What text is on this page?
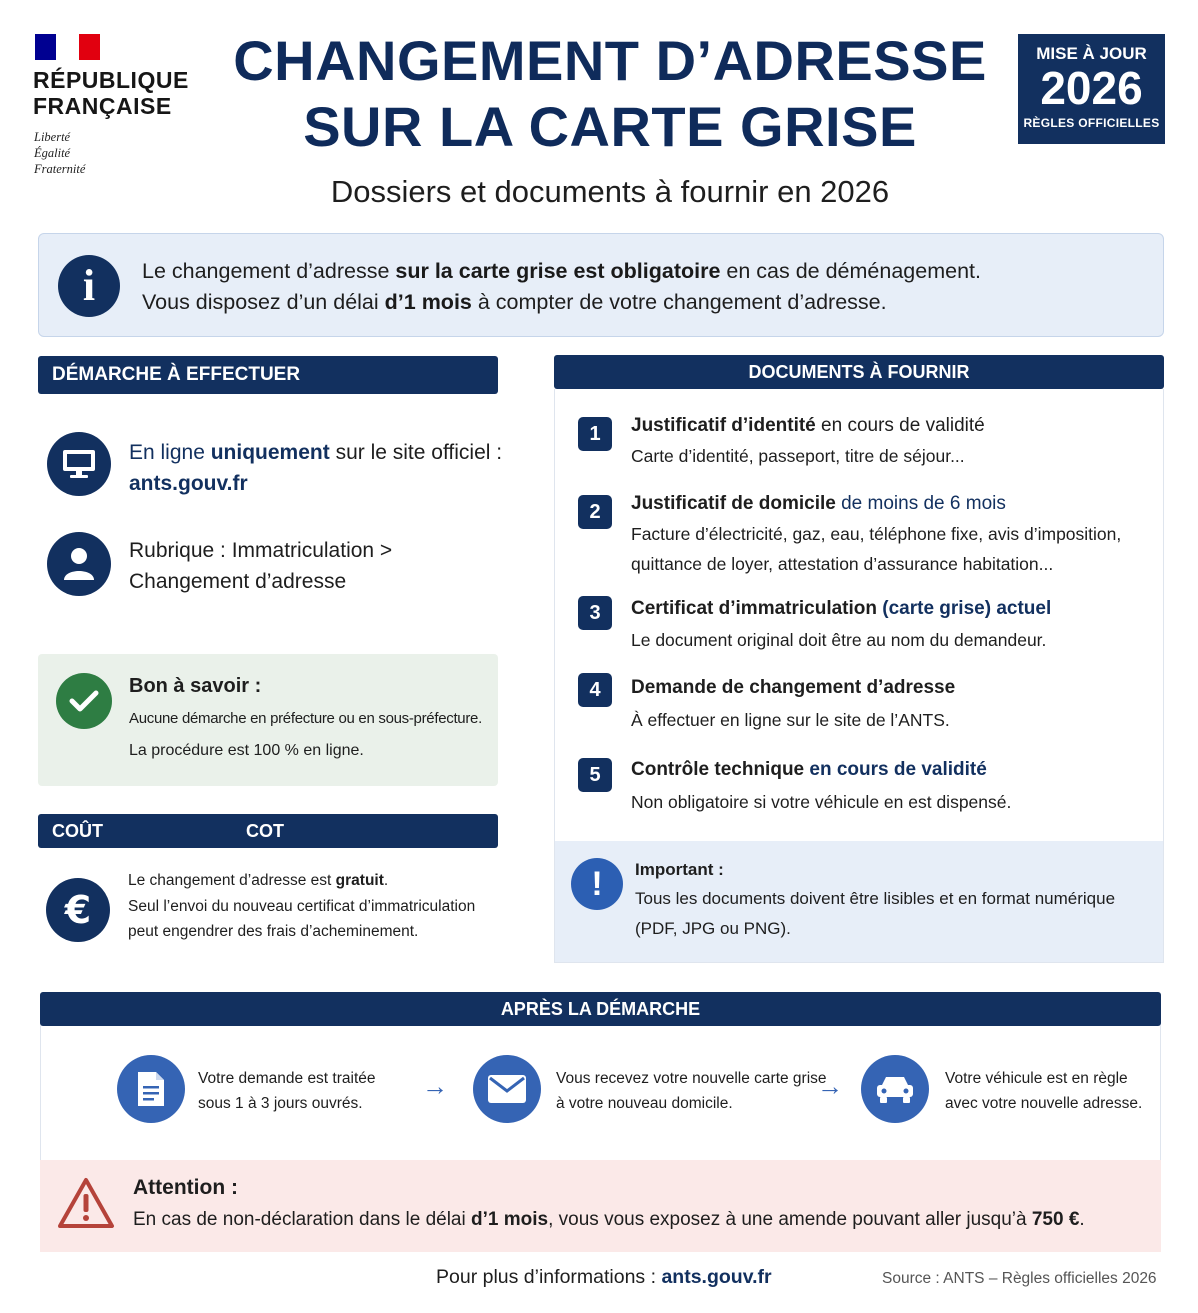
RÉPUBLIQUE
FRANÇAISE
Liberté
Égalité
Fraternité
CHANGEMENT D’ADRESSE
SUR LA CARTE GRISE
Dossiers et documents à fournir en 2026
MISE À JOUR
2026
RÈGLES OFFICIELLES
i	Le changement d’adresse sur la carte grise est obligatoire en cas de déménagement.
Vous disposez d’un délai d’1 mois à compter de votre changement d’adresse.
DÉMARCHE À EFFECTUER
En ligne uniquement sur le site officiel :
ants.gouv.fr
Rubrique : Immatriculation >
Changement d’adresse
Bon à savoir :
Aucune démarche en préfecture ou en sous-préfecture.
La procédure est 100 % en ligne.
COÛT	COT
€
Le changement d’adresse est gratuit.
Seul l’envoi du nouveau certificat d’immatriculation
peut engendrer des frais d’acheminement.
DOCUMENTS À FOURNIR
1	Justificatif d’identité en cours de validité
Carte d’identité, passeport, titre de séjour...
2	Justificatif de domicile de moins de 6 mois
Facture d’électricité, gaz, eau, téléphone fixe, avis d’imposition,
quittance de loyer, attestation d’assurance habitation...
3	Certificat d’immatriculation (carte grise) actuel
Le document original doit être au nom du demandeur.
4	Demande de changement d’adresse
À effectuer en ligne sur le site de l’ANTS.
5	Contrôle technique en cours de validité
Non obligatoire si votre véhicule en est dispensé.
!	Important :
Tous les documents doivent être lisibles et en format numérique
(PDF, JPG ou PNG).
APRÈS LA DÉMARCHE
Votre demande est traitée
sous 1 à 3 jours ouvrés.
→	Vous recevez votre nouvelle carte grise
à votre nouveau domicile.
→	Votre véhicule est en règle
avec votre nouvelle adresse.
Attention :
En cas de non-déclaration dans le délai d’1 mois, vous vous exposez à une amende pouvant aller jusqu’à 750 €.
Pour plus d’informations : ants.gouv.fr	Source : ANTS – Règles officielles 2026
